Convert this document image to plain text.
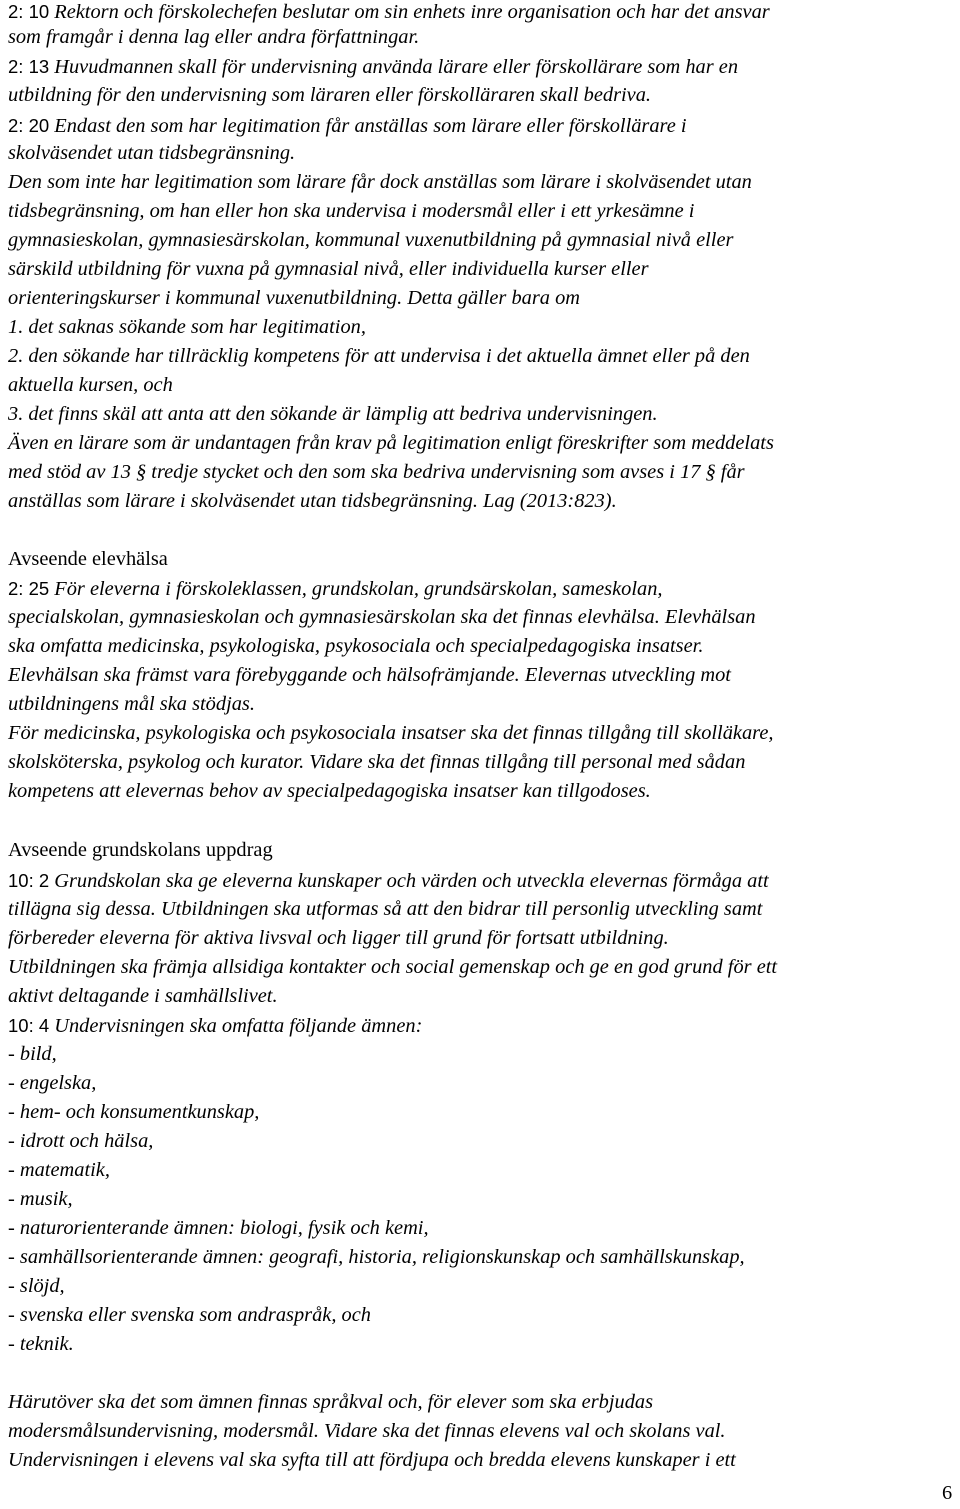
2: 10 Rektorn och förskolechefen beslutar om sin enhets inre organisation och har det ansvar
som framgår i denna lag eller andra författningar.
2: 13 Huvudmannen skall för undervisning använda lärare eller förskollärare som har en
utbildning för den undervisning som läraren eller förskolläraren skall bedriva.
2: 20 Endast den som har legitimation får anställas som lärare eller förskollärare i
skolväsendet utan tidsbegränsning.
Den som inte har legitimation som lärare får dock anställas som lärare i skolväsendet utan
tidsbegränsning, om han eller hon ska undervisa i modersmål eller i ett yrkesämne i
gymnasieskolan, gymnasiesärskolan, kommunal vuxenutbildning på gymnasial nivå eller
särskild utbildning för vuxna på gymnasial nivå, eller individuella kurser eller
orienteringskurser i kommunal vuxenutbildning. Detta gäller bara om
1. det saknas sökande som har legitimation,
2. den sökande har tillräcklig kompetens för att undervisa i det aktuella ämnet eller på den
aktuella kursen, och
3. det finns skäl att anta att den sökande är lämplig att bedriva undervisningen.
Även en lärare som är undantagen från krav på legitimation enligt föreskrifter som meddelats
med stöd av 13 § tredje stycket och den som ska bedriva undervisning som avses i 17 § får
anställas som lärare i skolväsendet utan tidsbegränsning. Lag (2013:823).
Avseende elevhälsa
2: 25 För eleverna i förskoleklassen, grundskolan, grundsärskolan, sameskolan,
specialskolan, gymnasieskolan och gymnasiesärskolan ska det finnas elevhälsa. Elevhälsan
ska omfatta medicinska, psykologiska, psykosociala och specialpedagogiska insatser.
Elevhälsan ska främst vara förebyggande och hälsofrämjande. Elevernas utveckling mot
utbildningens mål ska stödjas.
För medicinska, psykologiska och psykosociala insatser ska det finnas tillgång till skolläkare,
skolsköterska, psykolog och kurator. Vidare ska det finnas tillgång till personal med sådan
kompetens att elevernas behov av specialpedagogiska insatser kan tillgodoses.
Avseende grundskolans uppdrag
10: 2 Grundskolan ska ge eleverna kunskaper och värden och utveckla elevernas förmåga att
tillägna sig dessa. Utbildningen ska utformas så att den bidrar till personlig utveckling samt
förbereder eleverna för aktiva livsval och ligger till grund för fortsatt utbildning.
Utbildningen ska främja allsidiga kontakter och social gemenskap och ge en god grund för ett
aktivt deltagande i samhällslivet.
10: 4 Undervisningen ska omfatta följande ämnen:
- bild,
- engelska,
- hem- och konsumentkunskap,
- idrott och hälsa,
- matematik,
- musik,
- naturorienterande ämnen: biologi, fysik och kemi,
- samhällsorienterande ämnen: geografi, historia, religionskunskap och samhällskunskap,
- slöjd,
- svenska eller svenska som andraspråk, och
- teknik.
Härutöver ska det som ämnen finnas språkval och, för elever som ska erbjudas
modersmålsundervisning, modersmål. Vidare ska det finnas elevens val och skolans val.
Undervisningen i elevens val ska syfta till att fördjupa och bredda elevens kunskaper i ett
6
